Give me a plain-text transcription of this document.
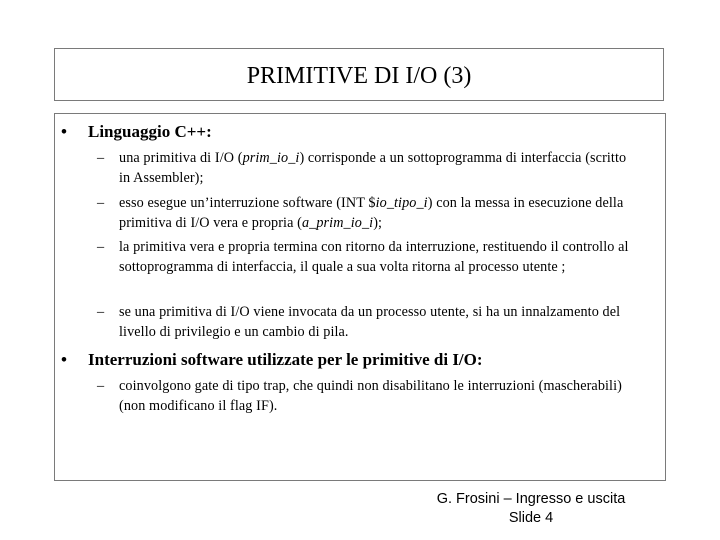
PRIMITIVE DI I/O (3)
•	Linguaggio C++:
–	una primitiva di I/O (prim_io_i) corrisponde a un sottoprogramma di interfaccia (scritto in Assembler);
–	esso esegue un’interruzione software (INT $io_tipo_i) con la messa in esecuzione della primitiva di I/O vera e propria (a_prim_io_i);
–	la primitiva vera e propria termina con ritorno da interruzione, restituendo il controllo al sottoprogramma di interfaccia, il quale a sua volta ritorna al processo utente ;
–	se una primitiva di I/O viene invocata da un processo utente, si ha un innalzamento del livello di privilegio e un cambio di pila.
•	Interruzioni software utilizzate per le primitive di I/O:
–	coinvolgono gate di tipo trap, che quindi non disabilitano le interruzioni (mascherabili) (non modificano il flag IF).
G. Frosini – Ingresso e uscita
Slide 4
